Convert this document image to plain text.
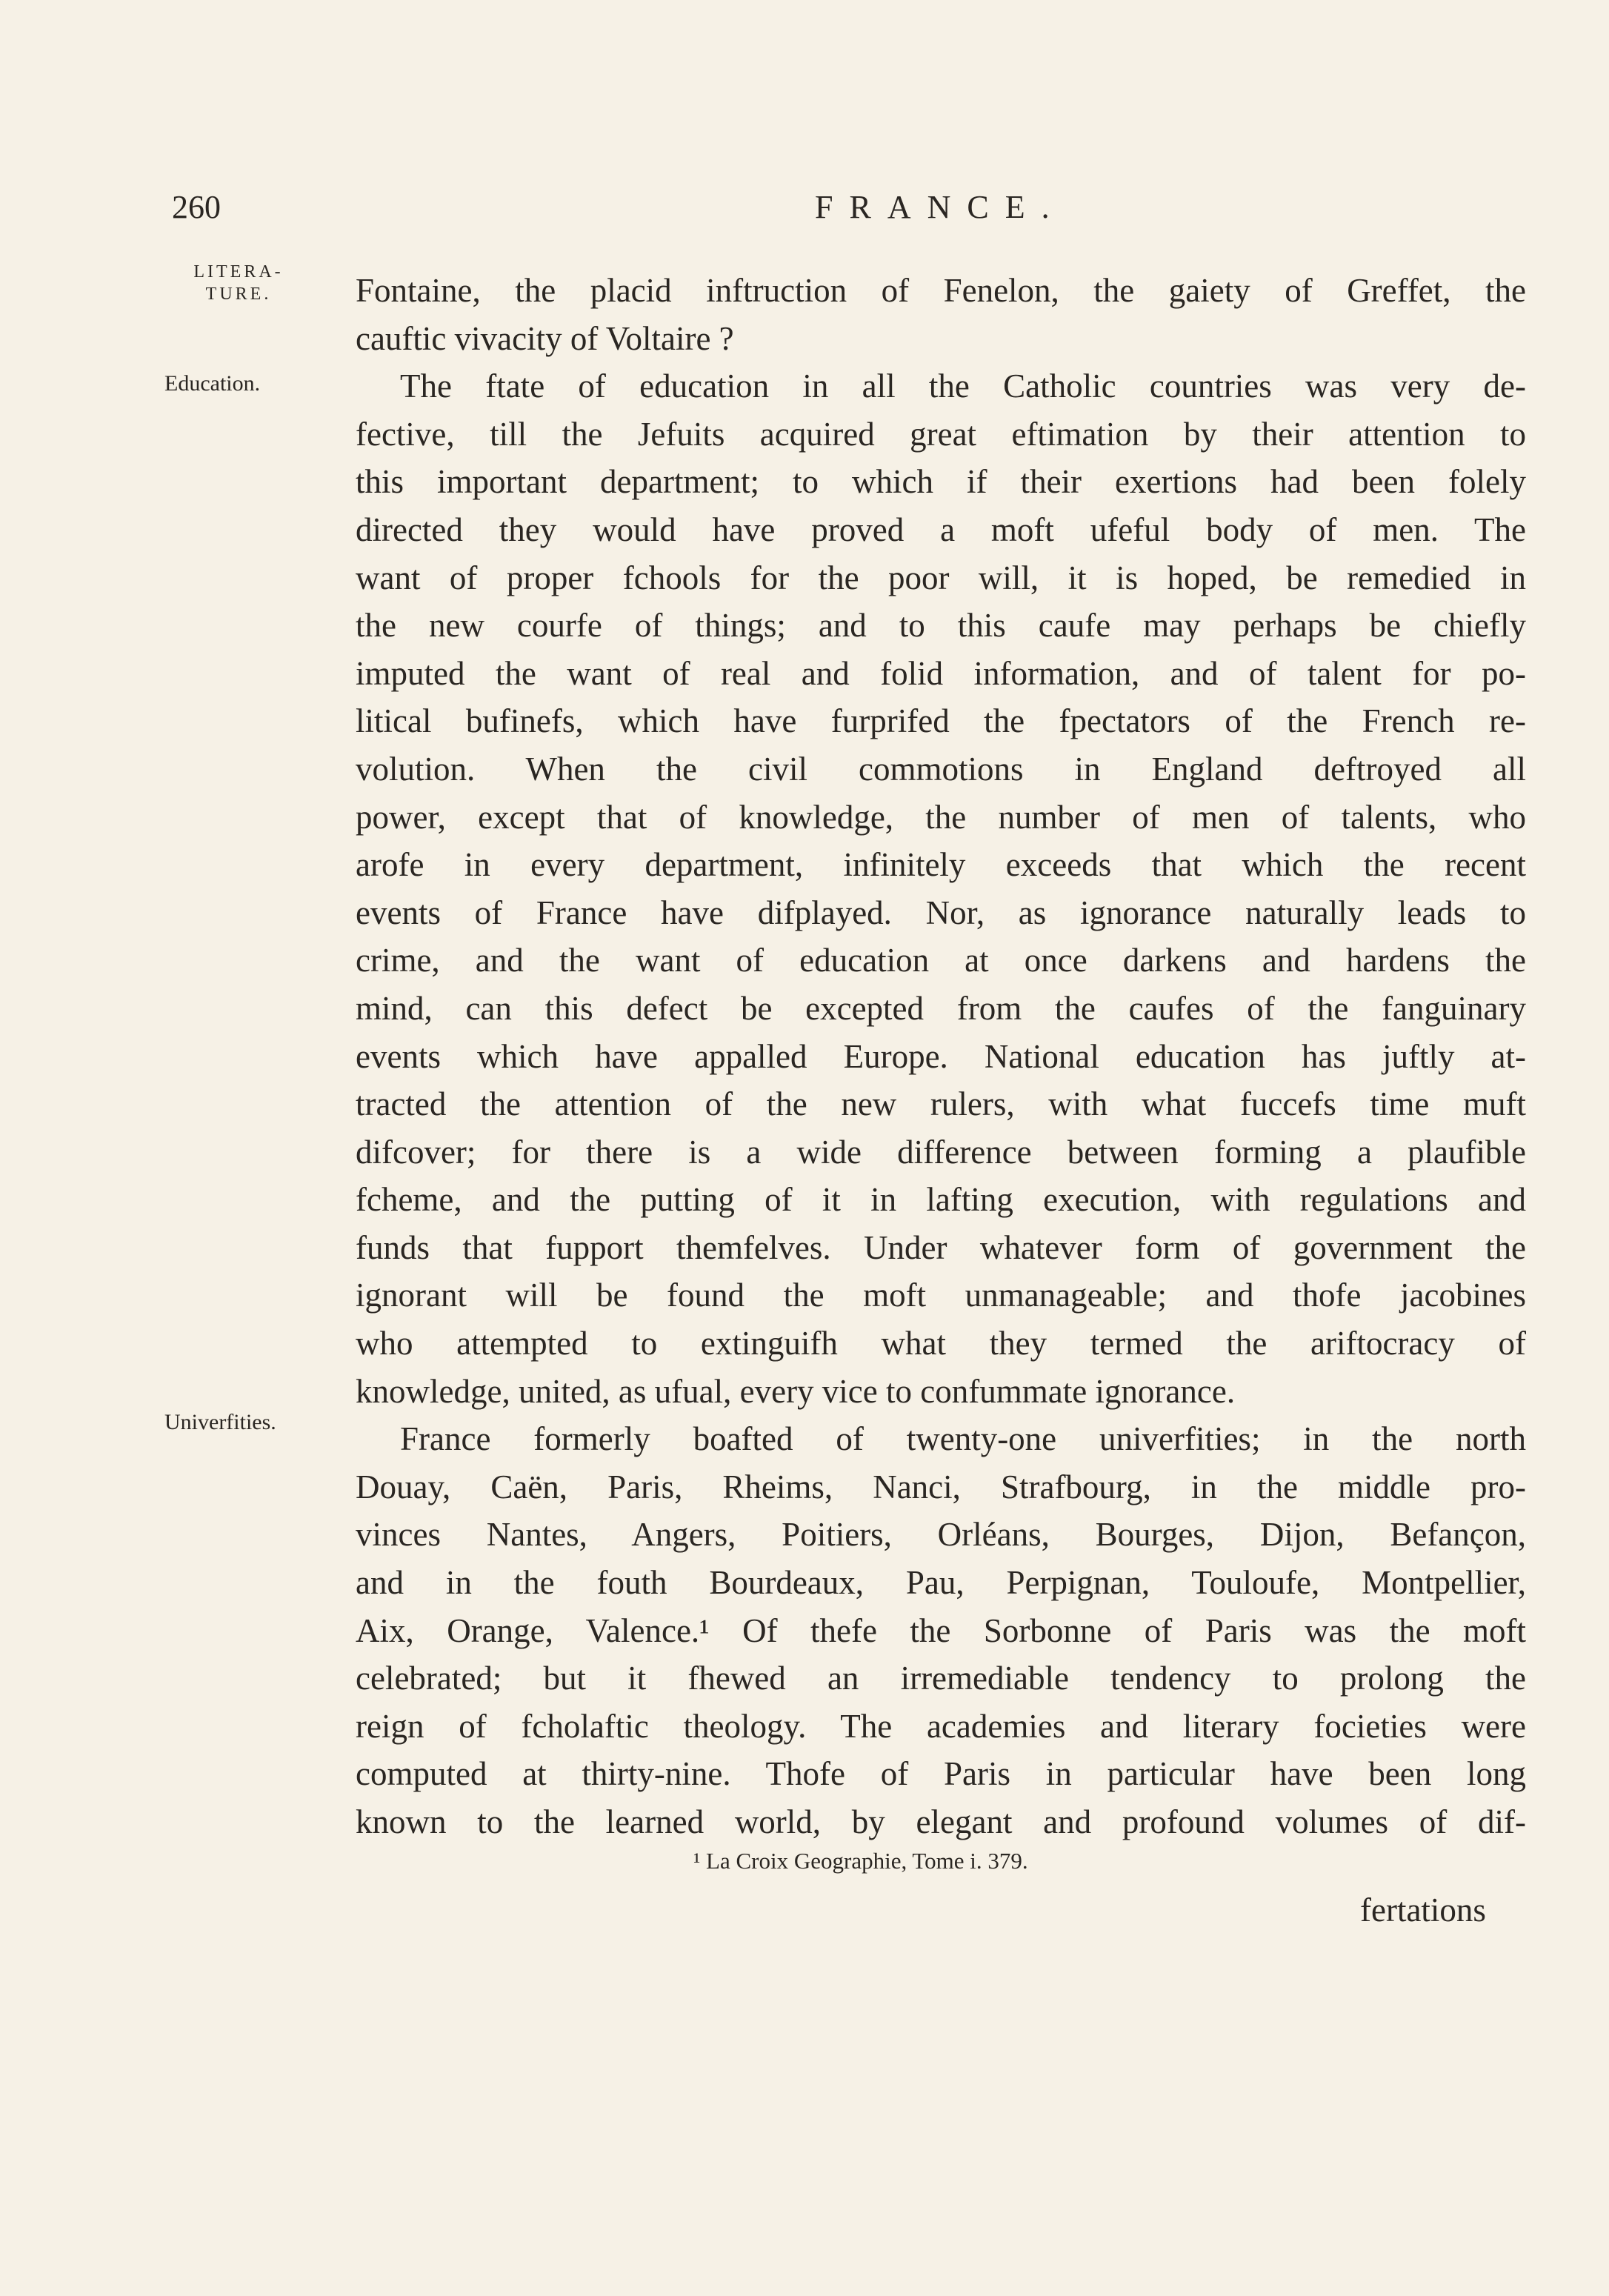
260	FRANCE.
LITERA-TURE.
Education.
Univerfities.
Fontaine, the placid inftruction of Fenelon, the gaiety of Greffet, the
cauftic vivacity of Voltaire ?
The ftate of education in all the Catholic countries was very de-
fective, till the Jefuits acquired great eftimation by their attention to
this important department; to which if their exertions had been folely
directed they would have proved a moft ufeful body of men. The
want of proper fchools for the poor will, it is hoped, be remedied in
the new courfe of things; and to this caufe may perhaps be chiefly
imputed the want of real and folid information, and of talent for po-
litical bufinefs, which have furprifed the fpectators of the French re-
volution. When the civil commotions in England deftroyed all
power, except that of knowledge, the number of men of talents, who
arofe in every department, infinitely exceeds that which the recent
events of France have difplayed. Nor, as ignorance naturally leads to
crime, and the want of education at once darkens and hardens the
mind, can this defect be excepted from the caufes of the fanguinary
events which have appalled Europe. National education has juftly at-
tracted the attention of the new rulers, with what fuccefs time muft
difcover; for there is a wide difference between forming a plaufible
fcheme, and the putting of it in lafting execution, with regulations and
funds that fupport themfelves. Under whatever form of government the
ignorant will be found the moft unmanageable; and thofe jacobines
who attempted to extinguifh what they termed the ariftocracy of
knowledge, united, as ufual, every vice to confummate ignorance.
France formerly boafted of twenty-one univerfities; in the north
Douay, Caën, Paris, Rheims, Nanci, Strafbourg, in the middle pro-
vinces Nantes, Angers, Poitiers, Orléans, Bourges, Dijon, Befançon,
and in the fouth Bourdeaux, Pau, Perpignan, Touloufe, Montpellier,
Aix, Orange, Valence.¹ Of thefe the Sorbonne of Paris was the moft
celebrated; but it fhewed an irremediable tendency to prolong the
reign of fcholaftic theology. The academies and literary focieties were
computed at thirty-nine. Thofe of Paris in particular have been long
known to the learned world, by elegant and profound volumes of dif-
¹ La Croix Geographie, Tome i. 379.
fertations
